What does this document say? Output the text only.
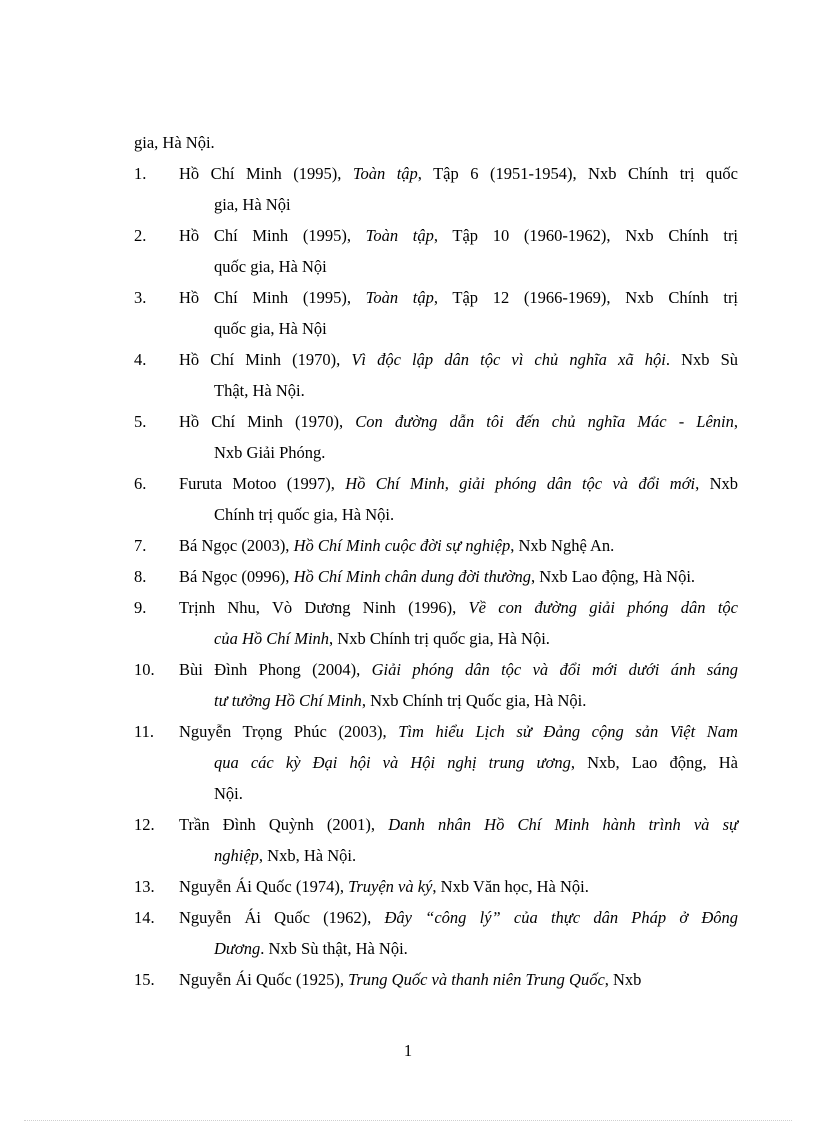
gia, Hà Nội.
1. Hồ Chí Minh (1995), Toàn tập, Tập 6 (1951-1954), Nxb Chính trị quốc
gia, Hà Nội
2. Hồ Chí Minh (1995), Toàn tập, Tập 10 (1960-1962), Nxb Chính trị
quốc gia, Hà Nội
3. Hồ Chí Minh (1995), Toàn tập, Tập 12 (1966-1969), Nxb Chính trị
quốc gia, Hà Nội
4. Hồ Chí Minh (1970), Vì độc lập dân tộc vì chủ nghĩa xã hội. Nxb Sù
Thật, Hà Nội.
5. Hồ Chí Minh (1970), Con đường dẫn tôi đến chủ nghĩa Mác - Lênin,
Nxb Giải Phóng.
6. Furuta Motoo (1997), Hồ Chí Minh, giải phóng dân tộc và đổi mới, Nxb
Chính trị quốc gia, Hà Nội.
7. Bá Ngọc (2003), Hồ Chí Minh cuộc đời sự nghiệp, Nxb Nghệ An.
8. Bá Ngọc (0996), Hồ Chí Minh chân dung đời thường, Nxb Lao động, Hà Nội.
9. Trịnh Nhu, Vò Dương Ninh (1996), Về con đường giải phóng dân tộc
của Hồ Chí Minh, Nxb Chính trị quốc gia, Hà Nội.
10. Bùi Đình Phong (2004), Giải phóng dân tộc và đổi mới dưới ánh sáng
tư tưởng Hồ Chí Minh, Nxb Chính trị Quốc gia, Hà Nội.
11. Nguyễn Trọng Phúc (2003), Tìm hiểu Lịch sử Đảng cộng sản Việt Nam
qua các kỳ Đại hội và Hội nghị trung ương, Nxb, Lao động, Hà
Nội.
12. Trần Đình Quỳnh (2001), Danh nhân Hồ Chí Minh hành trình và sự
nghiệp, Nxb, Hà Nội.
13. Nguyễn Ái Quốc (1974), Truyện và ký, Nxb Văn học, Hà Nội.
14. Nguyễn Ái Quốc (1962), Đây “công lý” của thực dân Pháp ở Đông
Dương. Nxb Sù thật, Hà Nội.
15. Nguyễn Ái Quốc (1925), Trung Quốc và thanh niên Trung Quốc, Nxb
1
